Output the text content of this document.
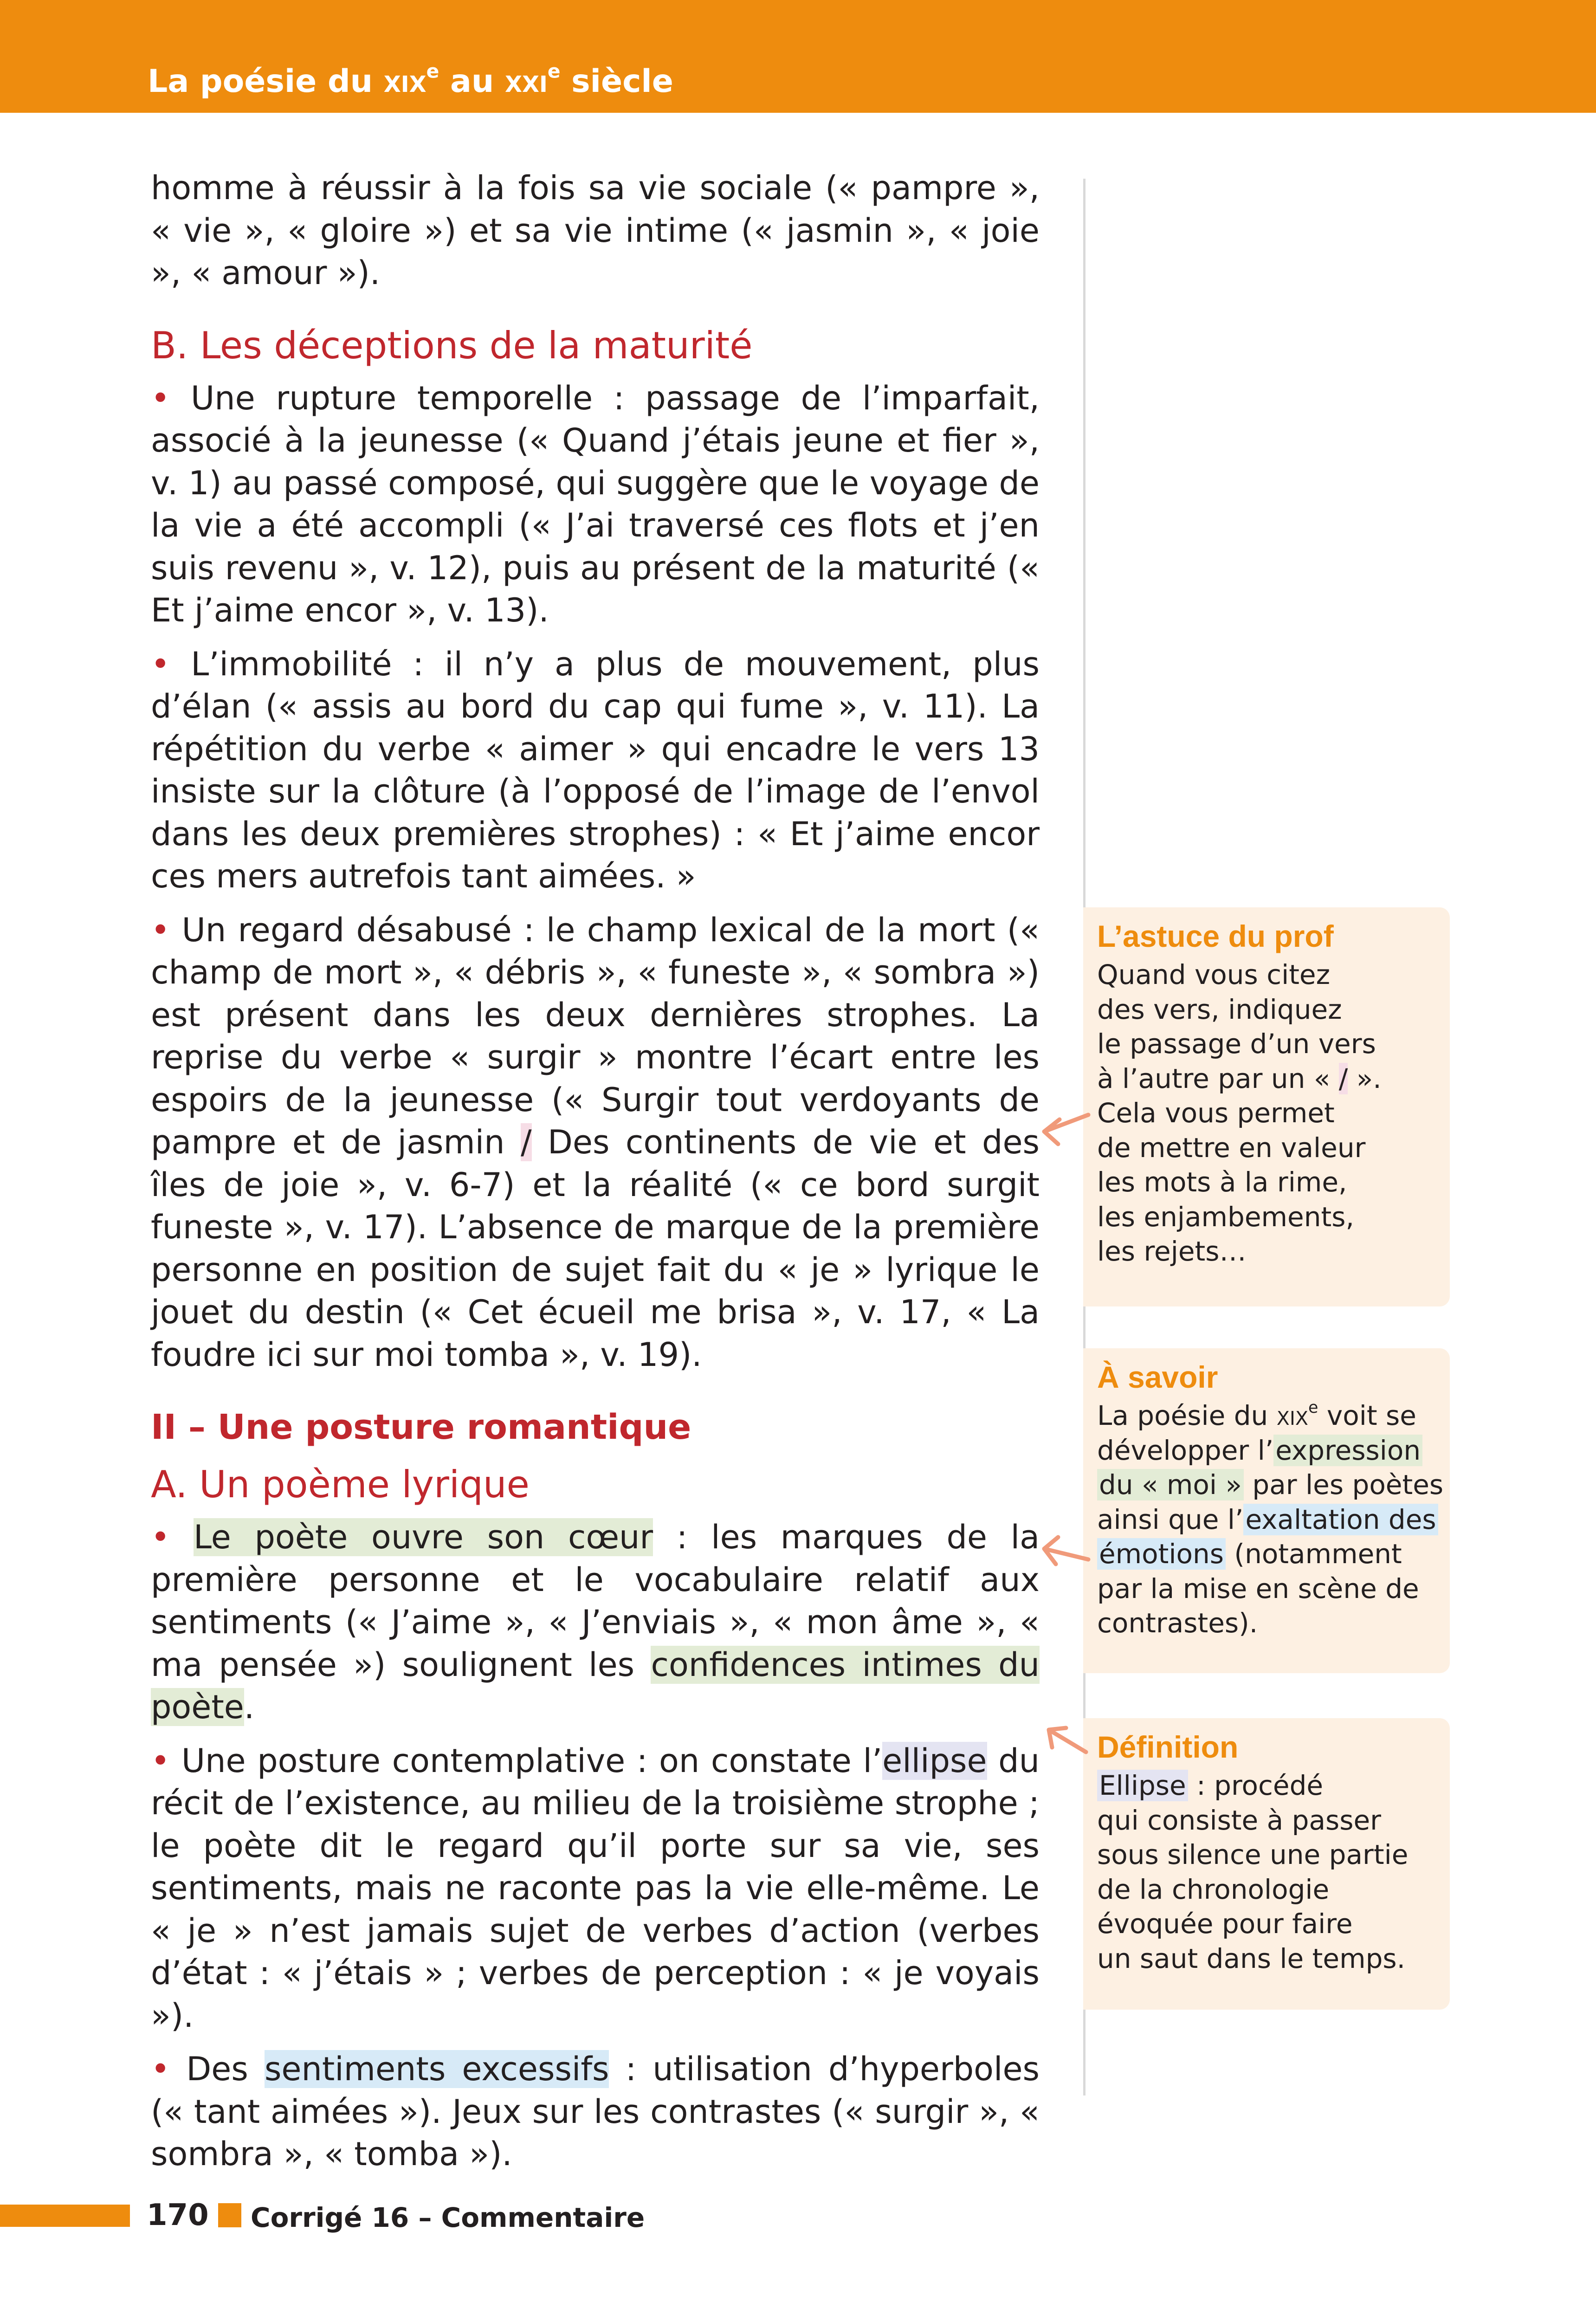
La poésie du xix$^e$ au xxi$^e$ siècle

homme à réussir à la fois sa vie sociale (« pampre », « vie », « gloire ») et sa vie intime (« jasmin », « joie », « amour »).

B. Les déceptions de la maturité

• Une rupture temporelle : passage de l’imparfait, associé à la jeunesse (« Quand j’étais jeune et fier », v. 1) au passé composé, qui suggère que le voyage de la vie a été accompli (« J’ai traversé ces flots et j’en suis revenu », v. 12), puis au présent de la maturité (« Et j’aime encor », v. 13).

• L’immobilité : il n’y a plus de mouvement, plus d’élan (« assis au bord du cap qui fume », v. 11). La répétition du verbe « aimer » qui encadre le vers 13 insiste sur la clôture (à l’opposé de l’image de l’envol dans les deux premières strophes) : « Et j’aime encor ces mers autrefois tant aimées. »

• Un regard désabusé : le champ lexical de la mort (« champ de mort », « débris », « funeste », « sombra ») est présent dans les deux dernières strophes. La reprise du verbe « surgir » montre l’écart entre les espoirs de la jeunesse (« Surgir tout verdoyants de pampre et de jasmin / Des continents de vie et des îles de joie », v. 6-7) et la réalité (« ce bord surgit funeste », v. 17). L’absence de marque de la première personne en position de sujet fait du « je » lyrique le jouet du destin (« Cet écueil me brisa », v. 17, « La foudre ici sur moi tomba », v. 19).

II – Une posture romantique
A. Un poème lyrique

• Le poète ouvre son cœur : les marques de la première personne et le vocabulaire relatif aux sentiments (« J’aime », « J’enviais », « mon âme », « ma pensée ») soulignent les confidences intimes du poète.

• Une posture contemplative : on constate l’ellipse du récit de l’existence, au milieu de la troisième strophe ; le poète dit le regard qu’il porte sur sa vie, ses sentiments, mais ne raconte pas la vie elle-même. Le « je » n’est jamais sujet de verbes d’action (verbes d’état : « j’étais » ; verbes de perception : « je voyais »).

• Des sentiments excessifs : utilisation d’hyperboles (« tant aimées »). Jeux sur les contrastes (« surgir », « sombra », « tomba »).

L’astuce du prof
Quand vous citez
des vers, indiquez
le passage d’un vers
à l’autre par un « / ».
Cela vous permet
de mettre en valeur
les mots à la rime,
les enjambements,
les rejets…
À savoir
La poésie du xix$^e$ voit se
développer l’expression
du « moi » par les poètes
ainsi que l’exaltation des
émotions (notamment
par la mise en scène de
contrastes).
Définition
Ellipse : procédé
qui consiste à passer
sous silence une partie
de la chronologie
évoquée pour faire
un saut dans le temps.
170 Corrigé 16 – Commentaire
